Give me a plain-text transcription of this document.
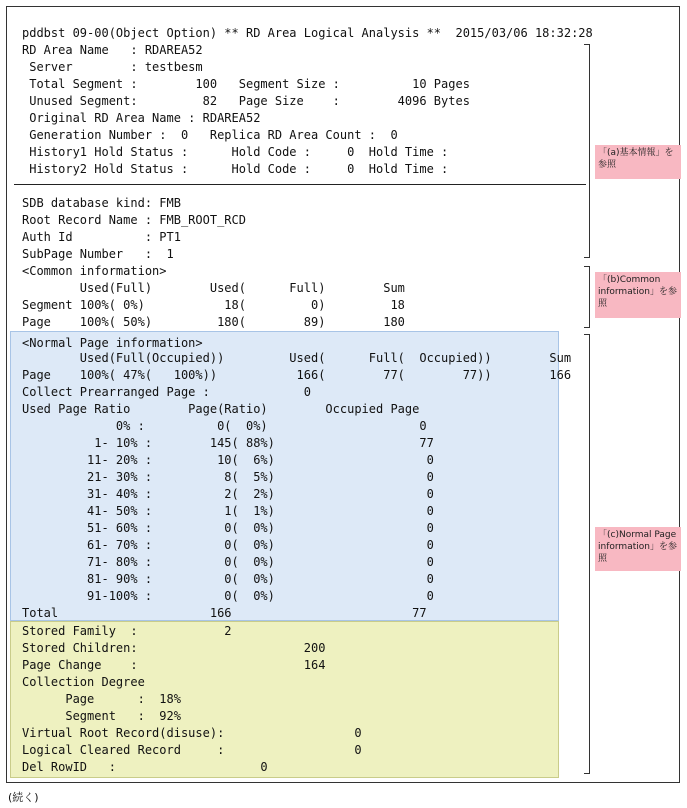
pddbst 09-00(Object Option) ** RD Area Logical Analysis **  2015/03/06 18:32:28
RD Area Name   : RDAREA52
Server        : testbesm
Total Segment :        100   Segment Size :          10 Pages
Unused Segment:         82   Page Size    :        4096 Bytes
Original RD Area Name : RDAREA52
Generation Number :  0   Replica RD Area Count :  0
History1 Hold Status :      Hold Code :     0  Hold Time :
History2 Hold Status :      Hold Code :     0  Hold Time :
SDB database kind: FMB
Root Record Name : FMB_ROOT_RCD
Auth Id          : PT1
SubPage Number   :  1
<Common information>
Used(Full)        Used(      Full)        Sum
Segment 100%( 0%)           18(         0)         18
Page    100%( 50%)         180(        89)        180
<Normal Page information>
Used(Full(Occupied))         Used(      Full(  Occupied))        Sum
Page    100%( 47%(   100%))           166(        77(        77))        166
Collect Prearranged Page :             0
Used Page Ratio        Page(Ratio)        Occupied Page
0% :          0(  0%)                     0
1- 10% :        145( 88%)                    77
11- 20% :         10(  6%)                     0
21- 30% :          8(  5%)                     0
31- 40% :          2(  2%)                     0
41- 50% :          1(  1%)                     0
51- 60% :          0(  0%)                     0
61- 70% :          0(  0%)                     0
71- 80% :          0(  0%)                     0
81- 90% :          0(  0%)                     0
91-100% :          0(  0%)                     0
Total                     166                         77
Stored Family  :            2
Stored Children:                       200
Page Change    :                       164
Collection Degree
Page      :  18%
Segment   :  92%
Virtual Root Record(disuse):                  0
Logical Cleared Record     :                  0
Del RowID   :                    0
「(a)基本情報」を参照
「(b)Common information」を参照
「(c)Normal Page information」を参照
(続く)
